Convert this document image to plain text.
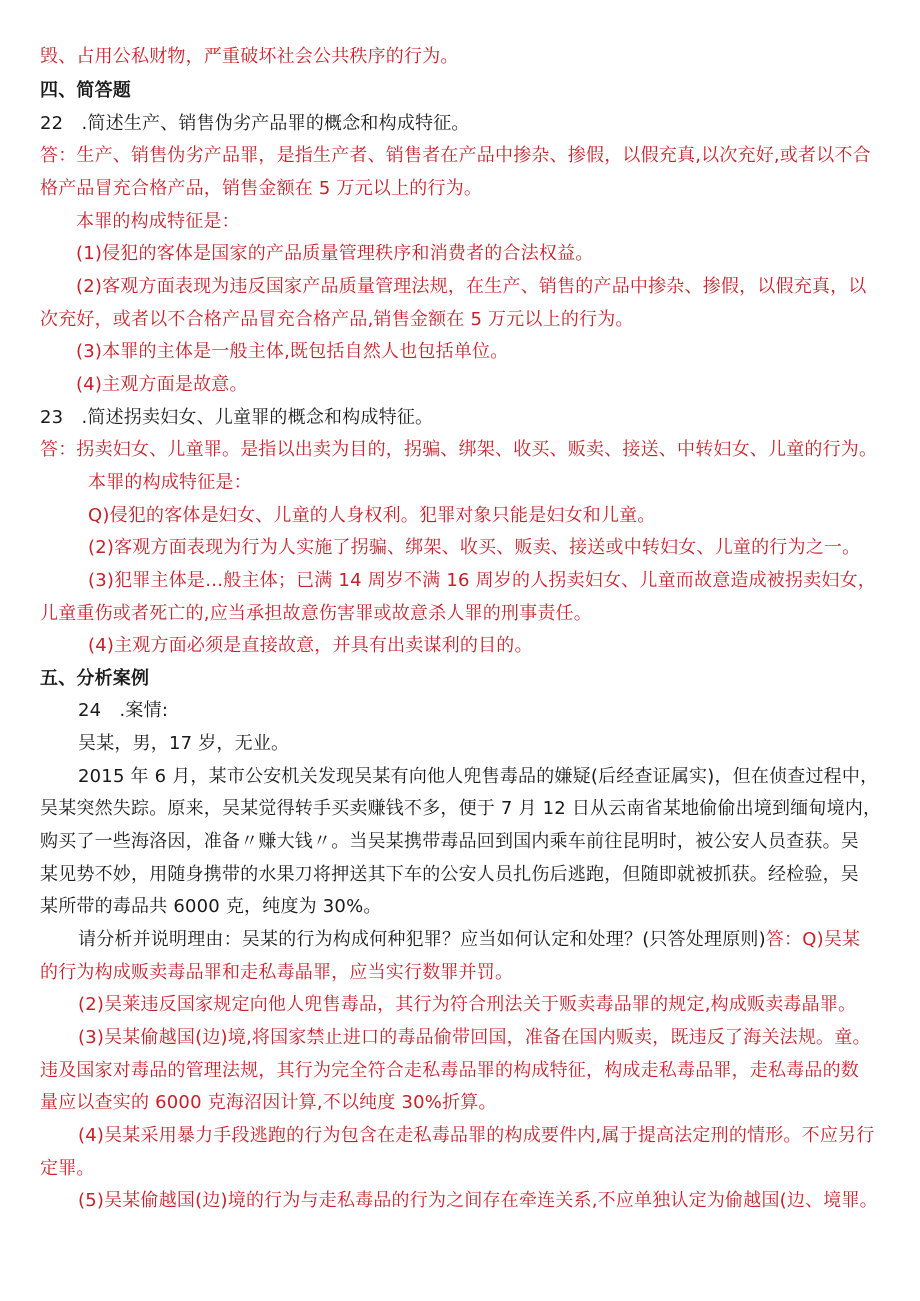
毁、占用公私财物，严重破坏社会公共秩序的行为。
四、简答题
22　.简述生产、销售伪劣产品罪的概念和构成特征。
答：生产、销售伪劣产品罪，是指生产者、销售者在产品中掺杂、掺假，以假充真,以次充好,或者以不合
格产品冒充合格产品，销售金额在 5 万元以上的行为。
本罪的构成特征是：
(1)侵犯的客体是国家的产品质量管理秩序和消费者的合法权益。
(2)客观方面表现为违反国家产品质量管理法规，在生产、销售的产品中掺杂、掺假，以假充真，以
次充好，或者以不合格产品冒充合格产品,销售金额在 5 万元以上的行为。
(3)本罪的主体是一般主体,既包括自然人也包括单位。
(4)主观方面是故意。
23　.简述拐卖妇女、儿童罪的概念和构成特征。
答：拐卖妇女、儿童罪。是指以出卖为目的，拐骗、绑架、收买、贩卖、接送、中转妇女、儿童的行为。
本罪的构成特征是：
Q)侵犯的客体是妇女、儿童的人身权利。犯罪对象只能是妇女和儿童。
(2)客观方面表现为行为人实施了拐骗、绑架、收买、贩卖、接送或中转妇女、儿童的行为之一。
(3)犯罪主体是…般主体；已满 14 周岁不满 16 周岁的人拐卖妇女、儿童而故意造成被拐卖妇女，
儿童重伤或者死亡的,应当承担故意伤害罪或故意杀人罪的刑事责任。
(4)主观方面必须是直接故意，并具有出卖谋利的目的。
五、分析案例
24　.案情:
吴某，男，17 岁，无业。
2015 年 6 月，某市公安机关发现吴某有向他人兜售毒品的嫌疑(后经查证属实)，但在侦查过程中，
吴某突然失踪。原来，吴某觉得转手买卖赚钱不多，便于 7 月 12 日从云南省某地偷偷出境到缅甸境内，
购买了一些海洛因，准备〃赚大钱〃。当吴某携带毒品回到国内乘车前往昆明时，被公安人员查获。吴
某见势不妙，用随身携带的水果刀将押送其下车的公安人员扎伤后逃跑，但随即就被抓获。经检验，吴
某所带的毒品共 6000 克，纯度为 30%。
请分析并说明理由：吴某的行为构成何种犯罪？应当如何认定和处理？(只答处理原则)答：Q)吴某
的行为构成贩卖毒品罪和走私毒晶罪，应当实行数罪并罚。
(2)吴莱违反国家规定向他人兜售毒品，其行为符合刑法关于贩卖毒品罪的规定,构成贩卖毒晶罪。
(3)吴某偷越国(边)境,将国家禁止进口的毒品偷带回国，准备在国内贩卖，既违反了海关法规。童。
违及国家对毒品的管理法规，其行为完全符合走私毒品罪的构成特征，构成走私毒品罪，走私毒品的数
量应以查实的 6000 克海沼因计算,不以纯度 30%折算。
(4)吴某采用暴力手段逃跑的行为包含在走私毒品罪的构成要件内,属于提高法定刑的情形。不应另行
定罪。
(5)吴某偷越国(边)境的行为与走私毒品的行为之间存在牵连关系,不应单独认定为偷越国(边、境罪。
